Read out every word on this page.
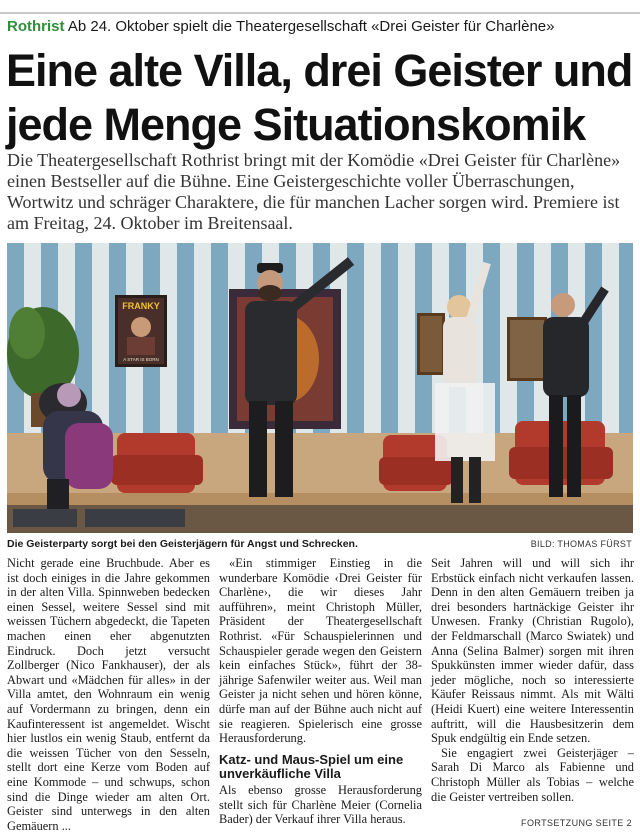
Rothrist Ab 24. Oktober spielt die Theatergesellschaft «Drei Geister für Charlène»
Eine alte Villa, drei Geister und jede Menge Situationskomik

Die Theatergesellschaft Rothrist bringt mit der Komödie «Drei Geister für Charlène» einen Bestseller auf die Bühne. Eine Geistergeschichte voller Überraschungen, Wortwitz und schräger Charaktere, die für manchen Lacher sorgen wird. Premiere ist am Freitag, 24. Oktober im Breitensaal.

FRANKY
A STAR IS BORN
Die Geisterparty sorgt bei den Geisterjägern für Angst und Schrecken.	BILD: THOMAS FÜRST

Nicht gerade eine Bruchbude. Aber es ist doch einiges in die Jahre gekommen in der alten Villa. Spinnweben bedecken einen Sessel, weitere Sessel sind mit weissen Tüchern abgedeckt, die Tapeten machen einen eher abgenutzten Eindruck. Doch jetzt versucht Zollberger (Nico Fankhauser), der als Abwart und «Mädchen für alles» in der Villa amtet, den Wohnraum ein wenig auf Vordermann zu bringen, denn ein Kaufinteressent ist angemeldet. Wischt hier lustlos ein wenig Staub, entfernt da die weissen Tücher von den Sesseln, stellt dort eine Kerze vom Boden auf eine Kommode – und schwups, schon sind die Dinge wieder am alten Ort. Geister sind unterwegs in den alten Gemäuern ...

«Ein stimmiger Einstieg in die wunderbare Komödie ‹Drei Geister für Charlène›, die wir dieses Jahr aufführen», meint Christoph Müller, Präsident der Theatergesellschaft Rothrist. «Für Schauspielerinnen und Schauspieler gerade wegen den Geistern kein einfaches Stück», führt der 38-jährige Safenwiler weiter aus. Weil man Geister ja nicht sehen und hören könne, dürfe man auf der Bühne auch nicht auf sie reagieren. Spielerisch eine grosse Herausforderung.

Katz- und Maus-Spiel um eine unverkäufliche Villa

Als ebenso grosse Herausforderung stellt sich für Charlène Meier (Cornelia Bader) der Verkauf ihrer Villa heraus.

Seit Jahren will und will sich ihr Erbstück einfach nicht verkaufen lassen. Denn in den alten Gemäuern treiben ja drei besonders hartnäckige Geister ihr Unwesen. Franky (Christian Rugolo), der Feldmarschall (Marco Swiatek) und Anna (Selina Balmer) sorgen mit ihren Spukkünsten immer wieder dafür, dass jeder mögliche, noch so interessierte Käufer Reissaus nimmt. Als mit Wälti (Heidi Kuert) eine weitere Interessentin auftritt, will die Hausbesitzerin dem Spuk endgültig ein Ende setzen.

Sie engagiert zwei Geisterjäger – Sarah Di Marco als Fabienne und Christoph Müller als Tobias – welche die Geister vertreiben sollen.

FORTSETZUNG SEITE 2
